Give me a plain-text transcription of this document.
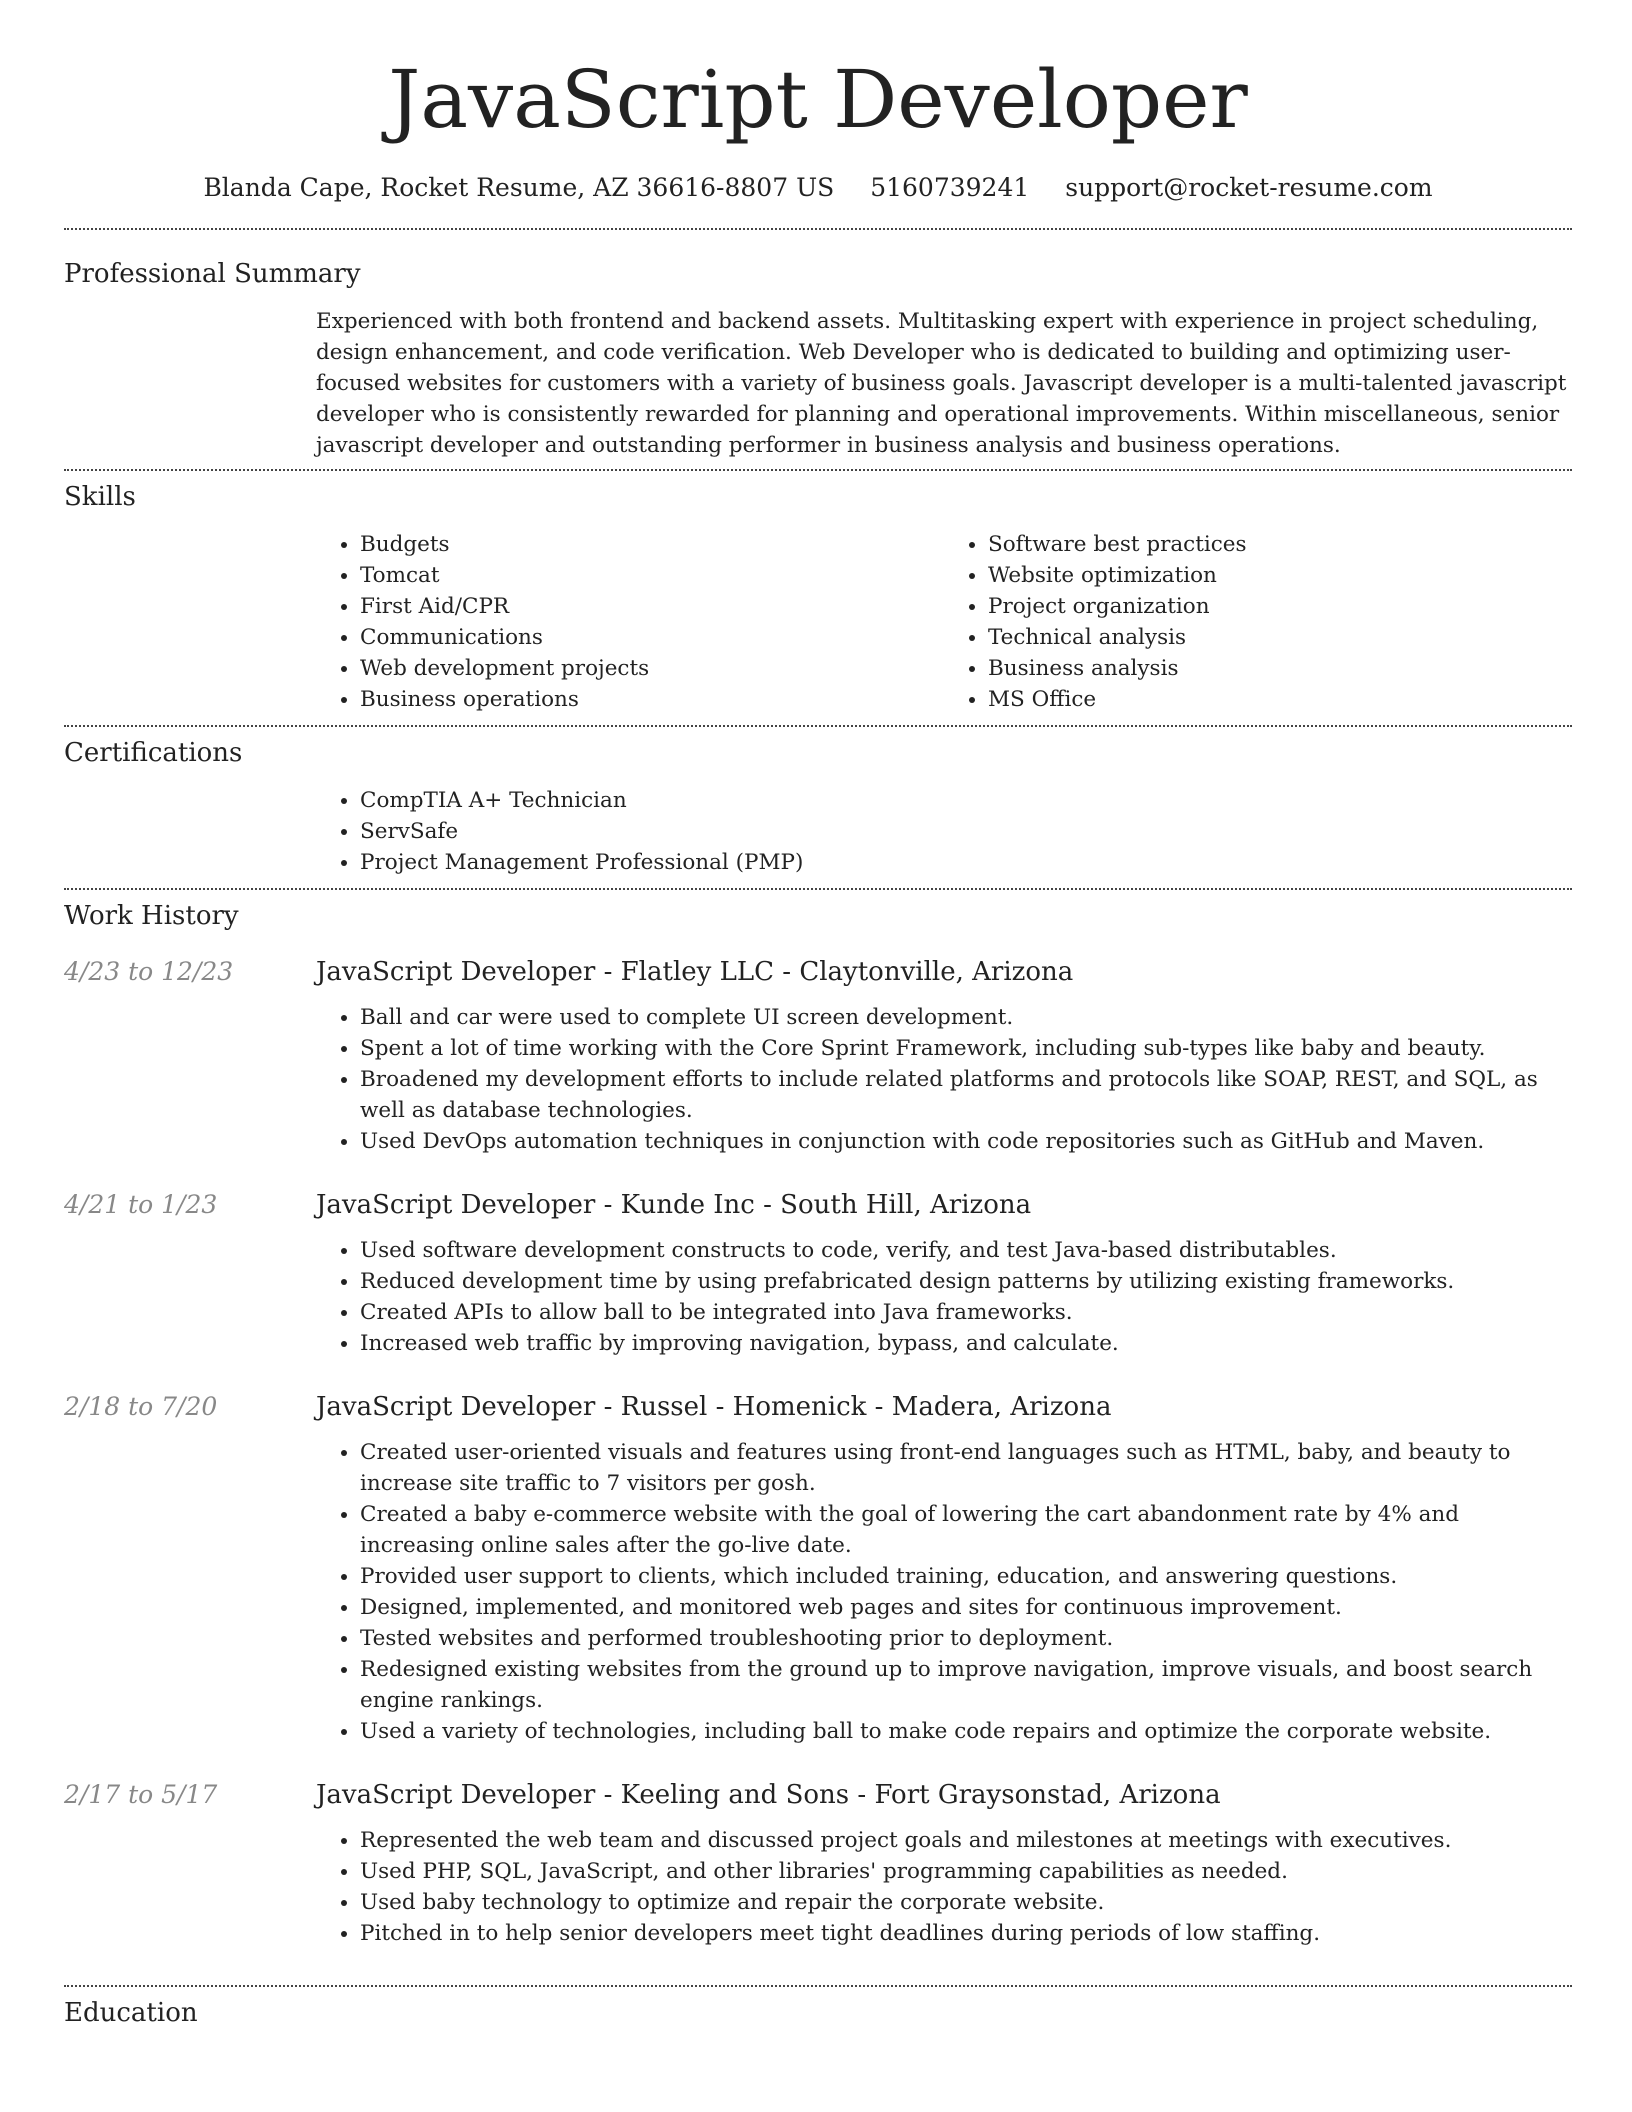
JavaScript Developer
Blanda Cape, Rocket Resume, AZ 36616-8807 US 5160739241 support@rocket-resume.com
Professional Summary

Experienced with both frontend and backend assets. Multitasking expert with experience in project scheduling, design enhancement, and code verification. Web Developer who is dedicated to building and optimizing user-focused websites for customers with a variety of business goals. Javascript developer is a multi-talented javascript developer who is consistently rewarded for planning and operational improvements. Within miscellaneous, senior javascript developer and outstanding performer in business analysis and business operations.

Skills
• Budgets
• Tomcat
• First Aid/CPR
• Communications
• Web development projects
• Business operations
• Software best practices
• Website optimization
• Project organization
• Technical analysis
• Business analysis
• MS Office
Certifications
• CompTIA A+ Technician
• ServSafe
• Project Management Professional (PMP)
Work History
4/23 to 12/23	JavaScript Developer - Flatley LLC - Claytonville, Arizona
• Ball and car were used to complete UI screen development.
• Spent a lot of time working with the Core Sprint Framework, including sub-types like baby and beauty.
• Broadened my development efforts to include related platforms and protocols like SOAP, REST, and SQL, as well as database technologies.
• Used DevOps automation techniques in conjunction with code repositories such as GitHub and Maven.
4/21 to 1/23	JavaScript Developer - Kunde Inc - South Hill, Arizona
• Used software development constructs to code, verify, and test Java-based distributables.
• Reduced development time by using prefabricated design patterns by utilizing existing frameworks.
• Created APIs to allow ball to be integrated into Java frameworks.
• Increased web traffic by improving navigation, bypass, and calculate.
2/18 to 7/20	JavaScript Developer - Russel - Homenick - Madera, Arizona
• Created user-oriented visuals and features using front-end languages such as HTML, baby, and beauty to increase site traffic to 7 visitors per gosh.
• Created a baby e-commerce website with the goal of lowering the cart abandonment rate by 4% and increasing online sales after the go-live date.
• Provided user support to clients, which included training, education, and answering questions.
• Designed, implemented, and monitored web pages and sites for continuous improvement.
• Tested websites and performed troubleshooting prior to deployment.
• Redesigned existing websites from the ground up to improve navigation, improve visuals, and boost search engine rankings.
• Used a variety of technologies, including ball to make code repairs and optimize the corporate website.
2/17 to 5/17	JavaScript Developer - Keeling and Sons - Fort Graysonstad, Arizona
• Represented the web team and discussed project goals and milestones at meetings with executives.
• Used PHP, SQL, JavaScript, and other libraries' programming capabilities as needed.
• Used baby technology to optimize and repair the corporate website.
• Pitched in to help senior developers meet tight deadlines during periods of low staffing.
Education
